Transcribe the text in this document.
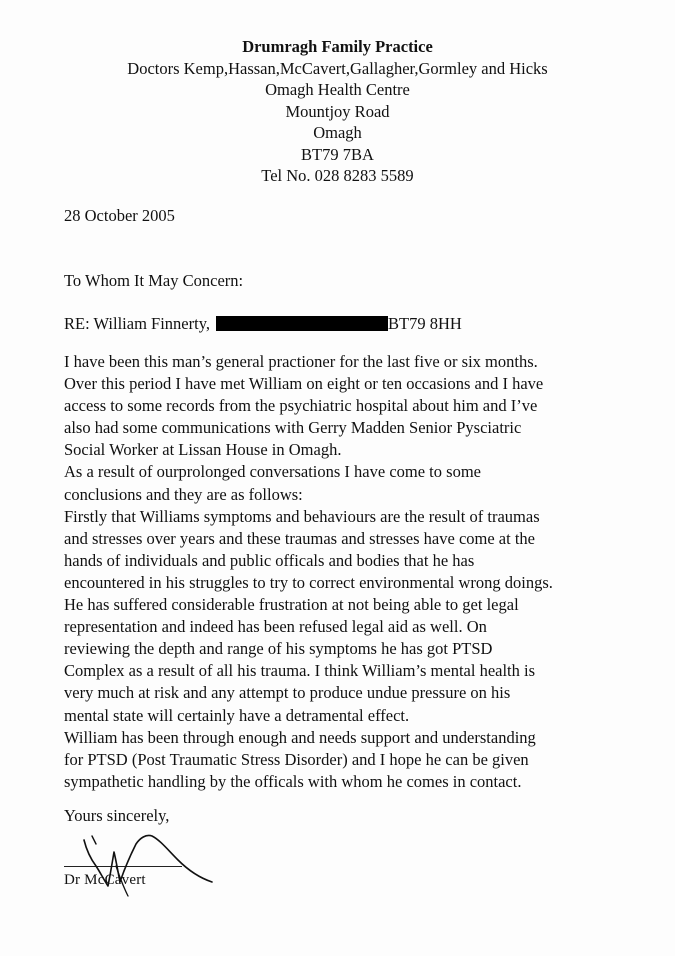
Drumragh Family Practice
Doctors Kemp,Hassan,McCavert,Gallagher,Gormley and Hicks
Omagh Health Centre
Mountjoy Road
Omagh
BT79 7BA
Tel No. 028 8283 5589
28 October 2005
To Whom It May Concern:
RE: William Finnerty,	BT79 8HH
I have been this man’s general practioner for the last five or six months.
Over this period I have met William on eight or ten occasions and I have
access to some records from the psychiatric hospital about him and I’ve
also had some communications with Gerry Madden Senior Pysciatric
Social Worker at Lissan House in Omagh.
As a result of ourprolonged conversations I have come to some
conclusions and they are as follows:
Firstly that Williams symptoms and behaviours are the result of traumas
and stresses over years and these traumas and stresses have come at the
hands of individuals and public officals and bodies that he has
encountered in his struggles to try to correct environmental wrong doings.
He has suffered considerable frustration at not being able to get legal
representation and indeed has been refused legal aid as well. On
reviewing the depth and range of his symptoms he has got PTSD
Complex as a result of all his trauma. I think William’s mental health is
very much at risk and any attempt to produce undue pressure on his
mental state will certainly have a detramental effect.
William has been through enough and needs support and understanding
for PTSD (Post Traumatic Stress Disorder) and I hope he can be given
sympathetic handling by the officals with whom he comes in contact.
Yours sincerely,
Dr McCavert
